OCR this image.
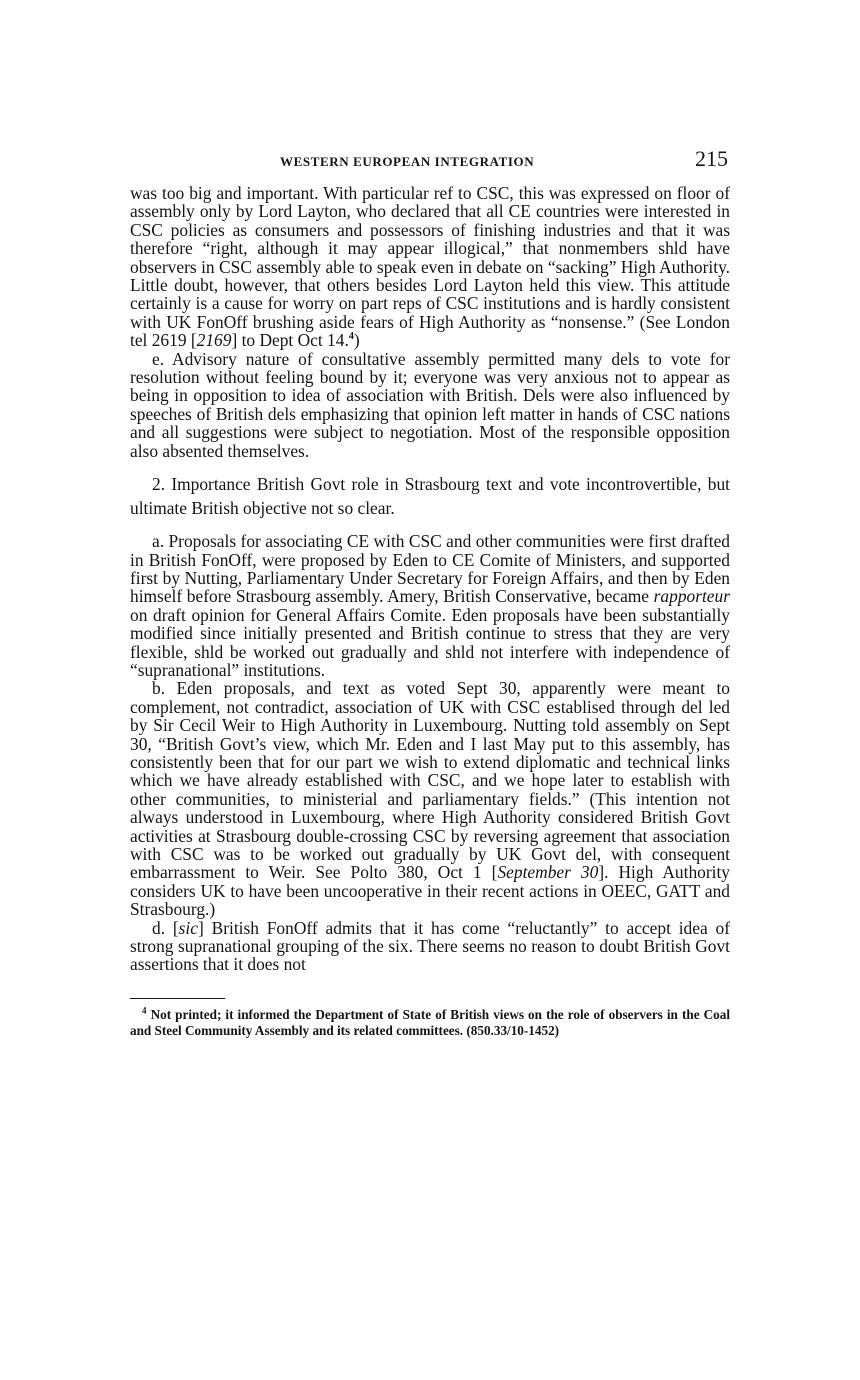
WESTERN EUROPEAN INTEGRATION	215

was too big and important. With particular ref to CSC, this was expressed on floor of assembly only by Lord Layton, who declared that all CE countries were interested in CSC policies as consumers and possessors of finishing industries and that it was therefore “right, although it may appear illogical,” that nonmembers shld have observers in CSC assembly able to speak even in debate on “sacking” High Authority. Little doubt, however, that others besides Lord Layton held this view. This attitude certainly is a cause for worry on part reps of CSC institutions and is hardly consistent with UK FonOff brushing aside fears of High Authority as “nonsense.” (See London tel 2619 [2169] to Dept Oct 14.$^4$)

e. Advisory nature of consultative assembly permitted many dels to vote for resolution without feeling bound by it; everyone was very anxious not to appear as being in opposition to idea of association with British. Dels were also influenced by speeches of British dels emphasizing that opinion left matter in hands of CSC nations and all suggestions were subject to negotiation. Most of the responsible opposition also absented themselves.

2. Importance British Govt role in Strasbourg text and vote incontrovertible, but ultimate British objective not so clear.

a. Proposals for associating CE with CSC and other communities were first drafted in British FonOff, were proposed by Eden to CE Comite of Ministers, and supported first by Nutting, Parliamentary Under Secretary for Foreign Affairs, and then by Eden himself before Strasbourg assembly. Amery, British Conservative, became rapporteur on draft opinion for General Affairs Comite. Eden proposals have been substantially modified since initially presented and British continue to stress that they are very flexible, shld be worked out gradually and shld not interfere with independence of “supranational” institutions.

b. Eden proposals, and text as voted Sept 30, apparently were meant to complement, not contradict, association of UK with CSC establised through del led by Sir Cecil Weir to High Authority in Luxembourg. Nutting told assembly on Sept 30, “British Govt’s view, which Mr. Eden and I last May put to this assembly, has consistently been that for our part we wish to extend diplomatic and technical links which we have already established with CSC, and we hope later to establish with other communities, to ministerial and parliamentary fields.” (This intention not always understood in Luxembourg, where High Authority considered British Govt activities at Strasbourg double-crossing CSC by reversing agreement that association with CSC was to be worked out gradually by UK Govt del, with consequent embarrassment to Weir. See Polto 380, Oct 1 [September 30]. High Authority considers UK to have been uncooperative in their recent actions in OEEC, GATT and Strasbourg.)

d. [sic] British FonOff admits that it has come “reluctantly” to accept idea of strong supranational grouping of the six. There seems no reason to doubt British Govt assertions that it does not

$^4$ Not printed; it informed the Department of State of British views on the role of observers in the Coal and Steel Community Assembly and its related committees. (850.33/10-1452)
